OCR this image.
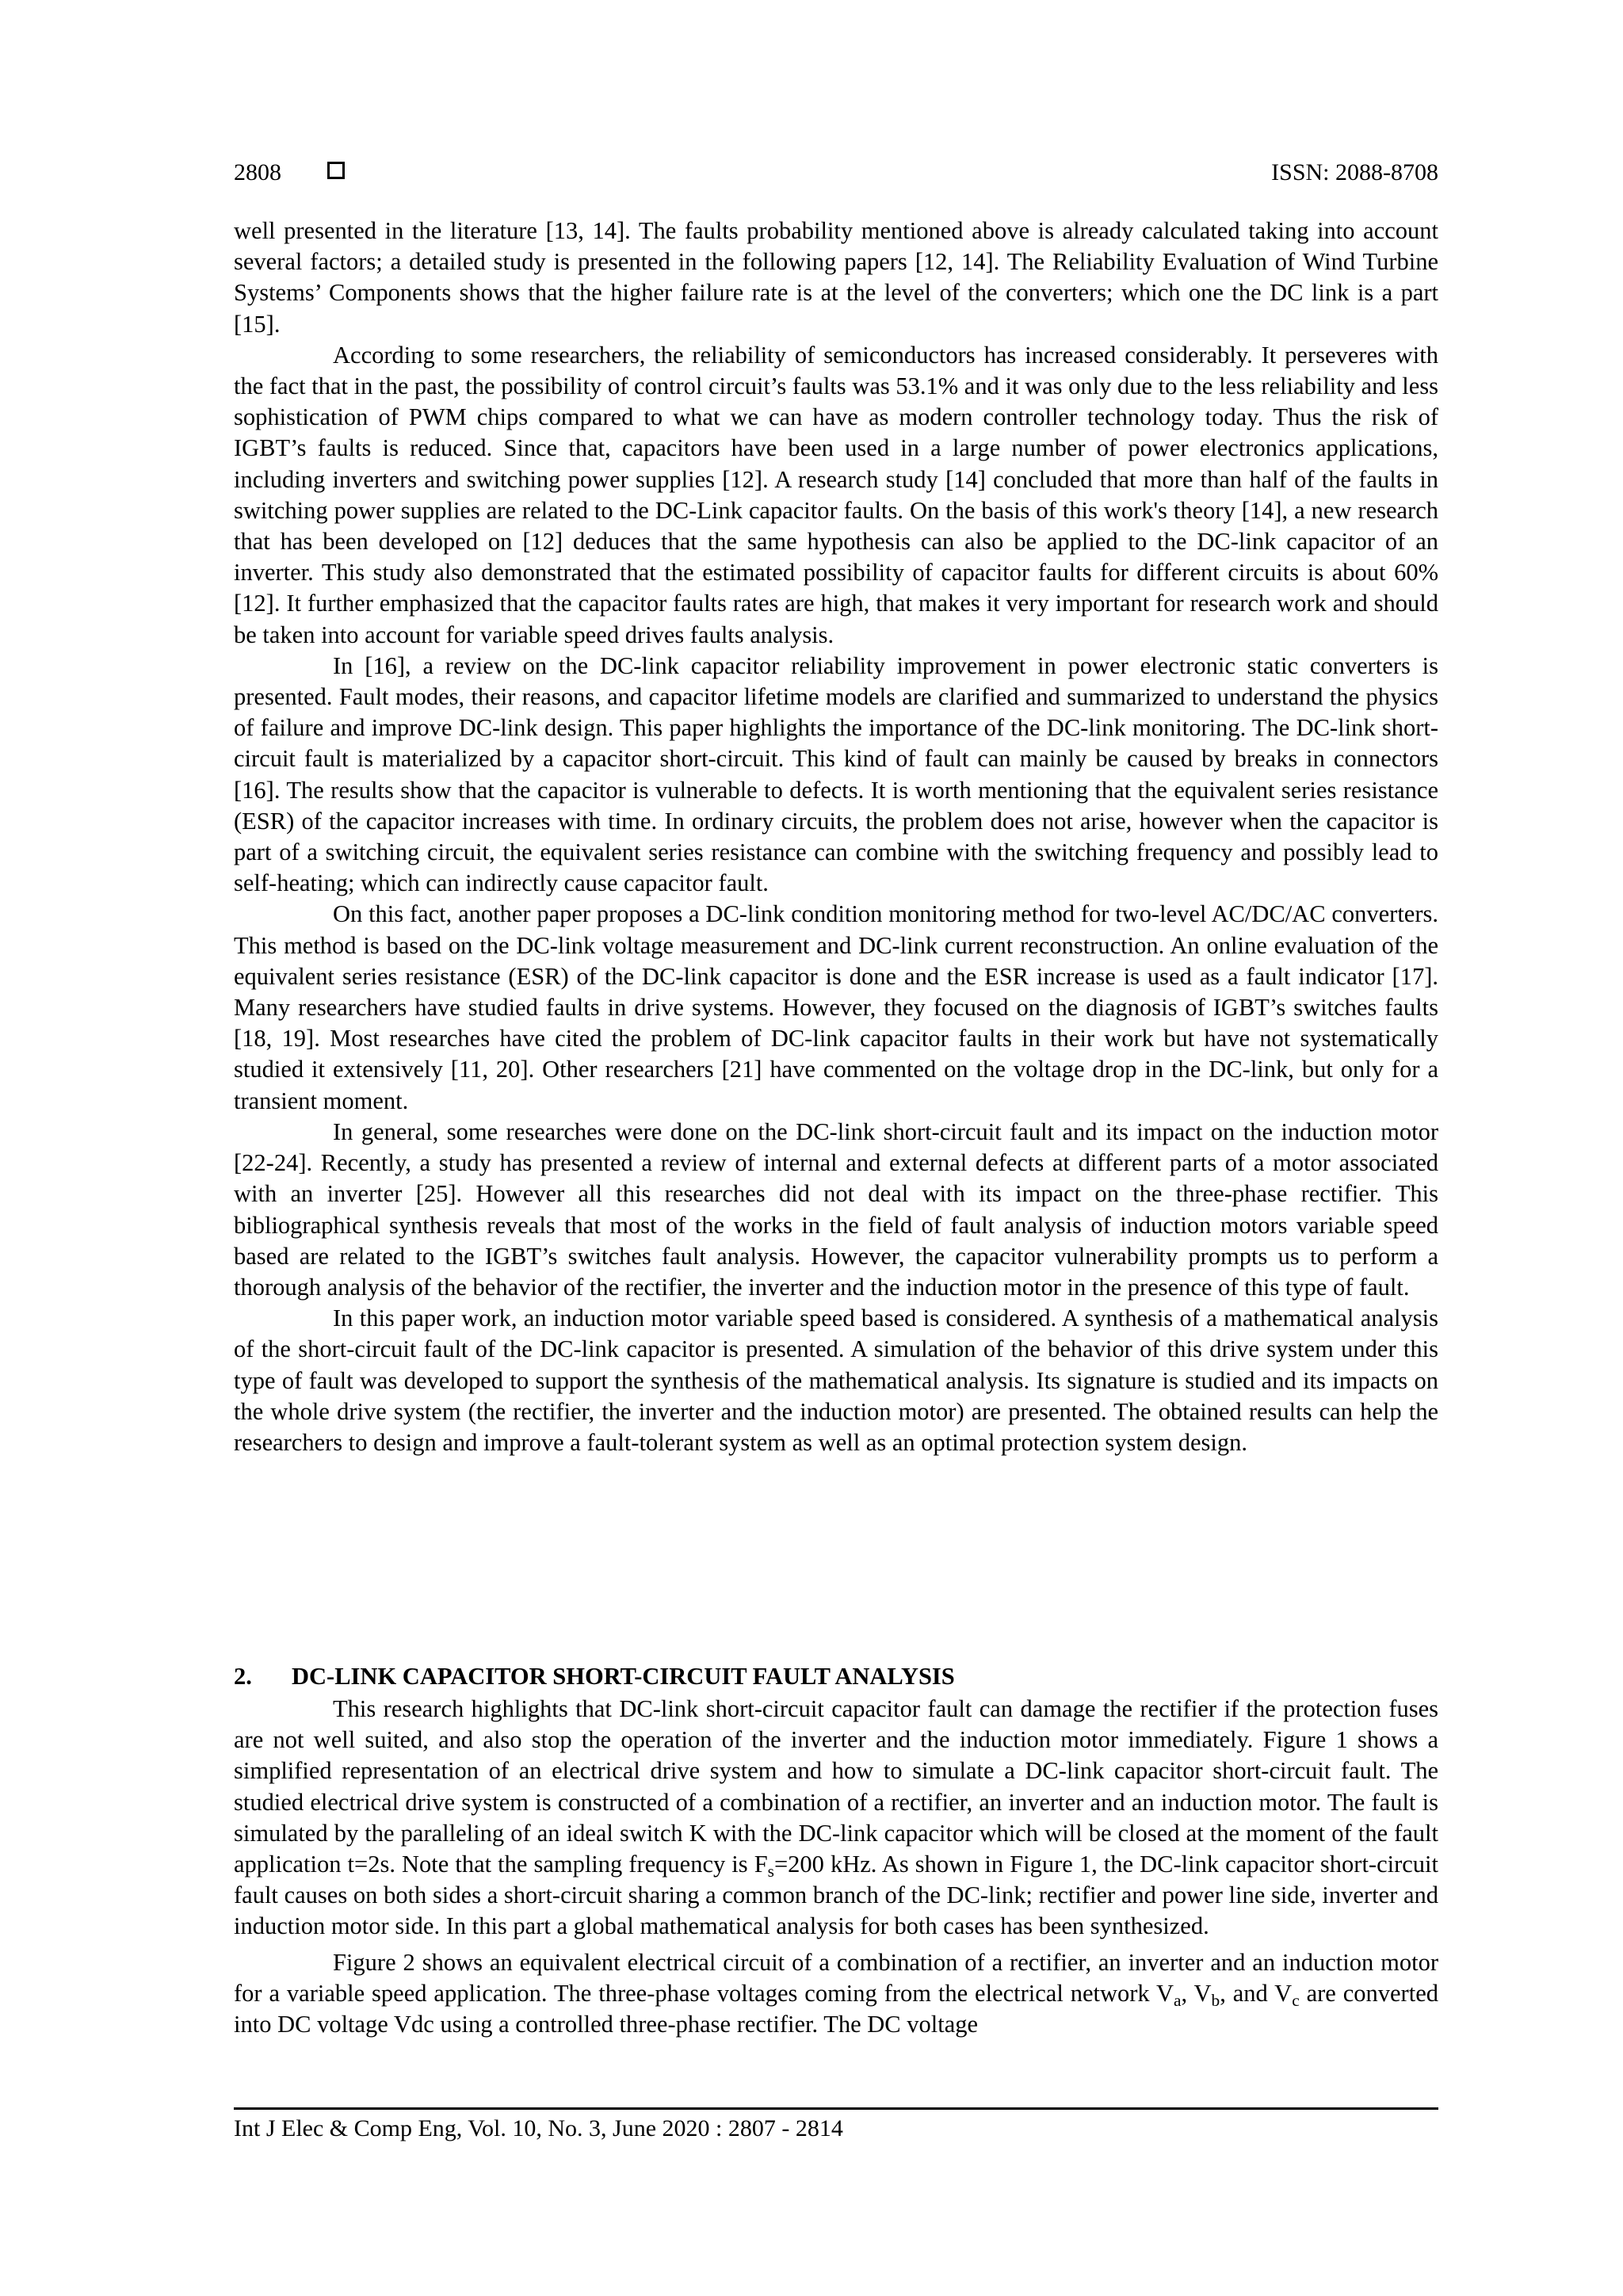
2808	ISSN: 2088-8708

well presented in the literature [13, 14]. The faults probability mentioned above is already calculated taking into account several factors; a detailed study is presented in the following papers [12, 14]. The Reliability Evaluation of Wind Turbine Systems’ Components shows that the higher failure rate is at the level of the converters; which one the DC link is a part [15].

According to some researchers, the reliability of semiconductors has increased considerably. It perseveres with the fact that in the past, the possibility of control circuit’s faults was 53.1% and it was only due to the less reliability and less sophistication of PWM chips compared to what we can have as modern controller technology today. Thus the risk of IGBT’s faults is reduced. Since that, capacitors have been used in a large number of power electronics applications, including inverters and switching power supplies [12]. A research study [14] concluded that more than half of the faults in switching power supplies are related to the DC-Link capacitor faults. On the basis of this work's theory [14], a new research that has been developed on [12] deduces that the same hypothesis can also be applied to the DC-link capacitor of an inverter. This study also demonstrated that the estimated possibility of capacitor faults for different circuits is about 60% [12]. It further emphasized that the capacitor faults rates are high, that makes it very important for research work and should be taken into account for variable speed drives faults analysis.

In [16], a review on the DC-link capacitor reliability improvement in power electronic static converters is presented. Fault modes, their reasons, and capacitor lifetime models are clarified and summarized to understand the physics of failure and improve DC-link design. This paper highlights the importance of the DC-link monitoring. The DC-link short-circuit fault is materialized by a capacitor short-circuit. This kind of fault can mainly be caused by breaks in connectors [16]. The results show that the capacitor is vulnerable to defects. It is worth mentioning that the equivalent series resistance (ESR) of the capacitor increases with time. In ordinary circuits, the problem does not arise, however when the capacitor is part of a switching circuit, the equivalent series resistance can combine with the switching frequency and possibly lead to self-heating; which can indirectly cause capacitor fault.

On this fact, another paper proposes a DC-link condition monitoring method for two-level AC/DC/AC converters. This method is based on the DC-link voltage measurement and DC-link current reconstruction. An online evaluation of the equivalent series resistance (ESR) of the DC-link capacitor is done and the ESR increase is used as a fault indicator [17]. Many researchers have studied faults in drive systems. However, they focused on the diagnosis of IGBT’s switches faults [18, 19]. Most researches have cited the problem of DC-link capacitor faults in their work but have not systematically studied it extensively [11, 20]. Other researchers [21] have commented on the voltage drop in the DC-link, but only for a transient moment.

In general, some researches were done on the DC-link short-circuit fault and its impact on the induction motor [22-24]. Recently, a study has presented a review of internal and external defects at different parts of a motor associated with an inverter [25]. However all this researches did not deal with its impact on the three-phase rectifier. This bibliographical synthesis reveals that most of the works in the field of fault analysis of induction motors variable speed based are related to the IGBT’s switches fault analysis. However, the capacitor vulnerability prompts us to perform a thorough analysis of the behavior of the rectifier, the inverter and the induction motor in the presence of this type of fault.

In this paper work, an induction motor variable speed based is considered. A synthesis of a mathematical analysis of the short-circuit fault of the DC-link capacitor is presented. A simulation of the behavior of this drive system under this type of fault was developed to support the synthesis of the mathematical analysis. Its signature is studied and its impacts on the whole drive system (the rectifier, the inverter and the induction motor) are presented. The obtained results can help the researchers to design and improve a fault-tolerant system as well as an optimal protection system design.

2. DC-LINK CAPACITOR SHORT-CIRCUIT FAULT ANALYSIS

This research highlights that DC-link short-circuit capacitor fault can damage the rectifier if the protection fuses are not well suited, and also stop the operation of the inverter and the induction motor immediately. Figure 1 shows a simplified representation of an electrical drive system and how to simulate a DC-link capacitor short-circuit fault. The studied electrical drive system is constructed of a combination of a rectifier, an inverter and an induction motor. The fault is simulated by the paralleling of an ideal switch K with the DC-link capacitor which will be closed at the moment of the fault application t=2s. Note that the sampling frequency is $F_s=200$ kHz. As shown in Figure 1, the DC-link capacitor short-circuit fault causes on both sides a short-circuit sharing a common branch of the DC-link; rectifier and power line side, inverter and induction motor side. In this part a global mathematical analysis for both cases has been synthesized.

Figure 2 shows an equivalent electrical circuit of a combination of a rectifier, an inverter and an induction motor for a variable speed application. The three-phase voltages coming from the electrical network $V_a$, $V_b$, and $V_c$ are converted into DC voltage Vdc using a controlled three-phase rectifier. The DC voltage

Int J Elec & Comp Eng, Vol. 10, No. 3, June 2020 : 2807 - 2814
